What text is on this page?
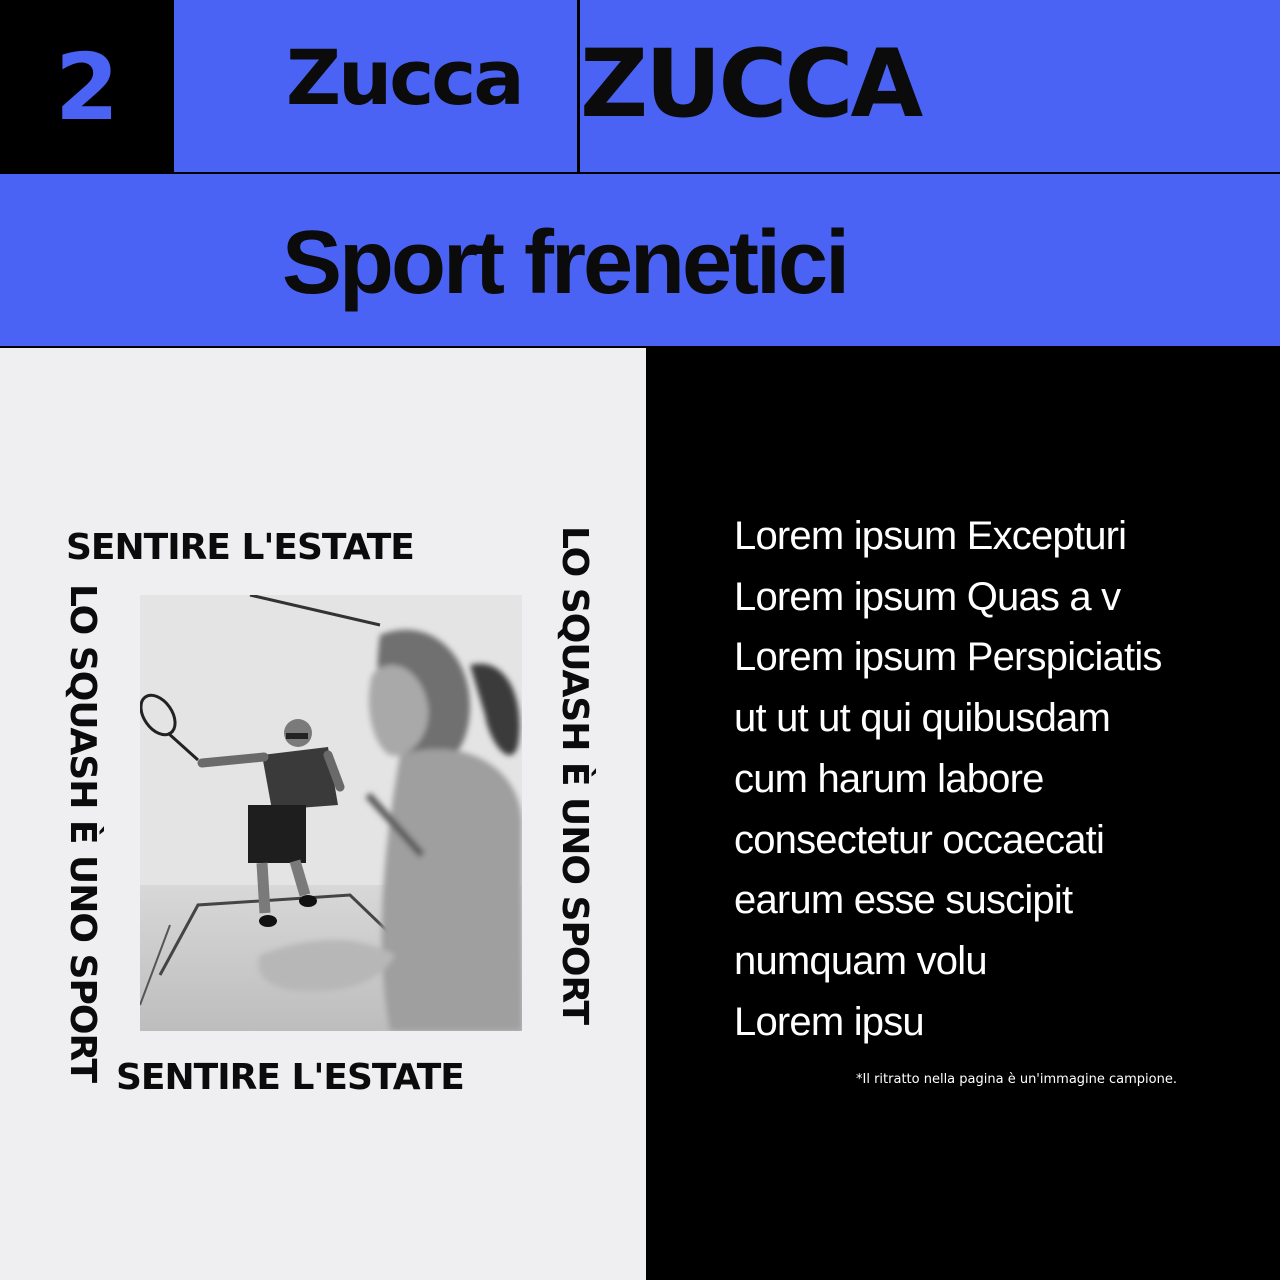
2	Zucca ZUCCA
Sport frenetici
SENTIRE L'ESTATE
LO SQUASH È UNO SPORT	LO SQUASH È UNO SPORT
SENTIRE L'ESTATE
Lorem ipsum Excepturi
Lorem ipsum Quas a v
Lorem ipsum Perspiciatis
ut ut ut qui quibusdam
cum harum labore
consectetur occaecati
earum esse suscipit
numquam volu
Lorem ipsu
*Il ritratto nella pagina è un'immagine campione.
